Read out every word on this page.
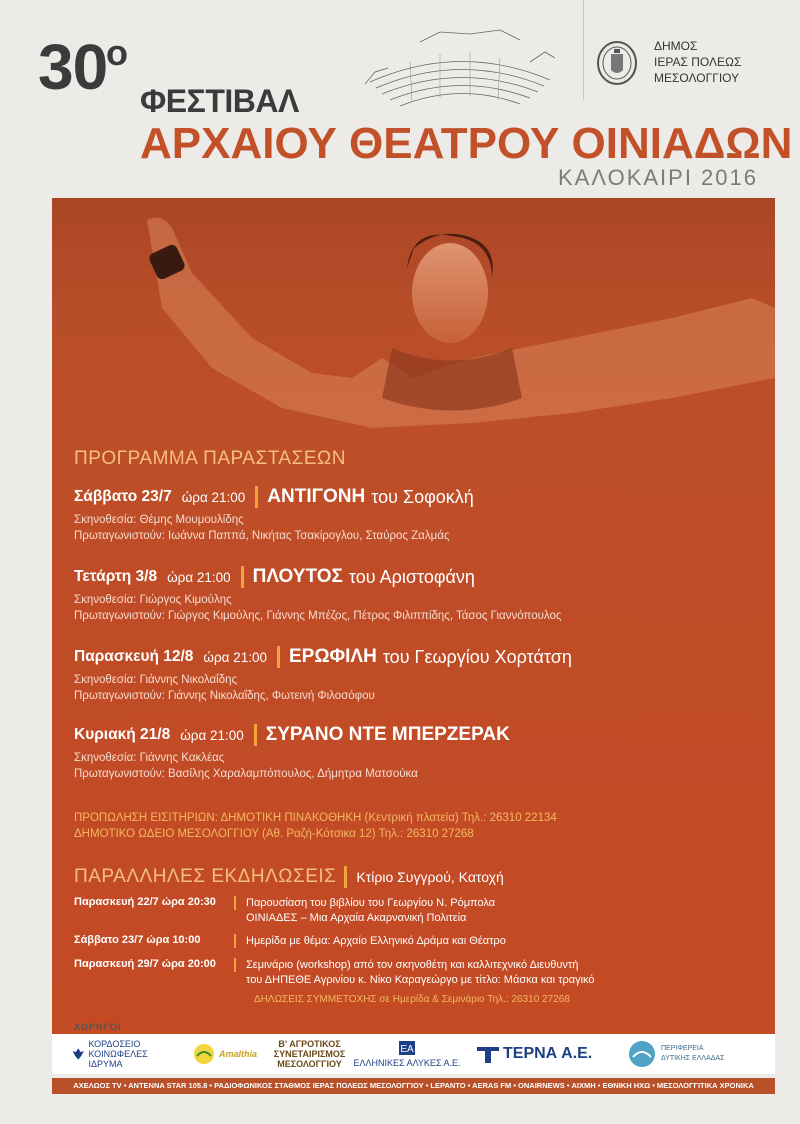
30
ο
ΦΕΣΤΙΒΑΛ
ΑΡΧΑΙΟΥ ΘΕΑΤΡΟΥ ΟΙΝΙΑΔΩΝ
ΚΑΛΟΚΑΙΡΙ 2016
ΔΗΜΟΣ
ΙΕΡΑΣ ΠΟΛΕΩΣ
ΜΕΣΟΛΟΓΓΙΟΥ
ΠΡΟΓΡΑΜΜΑ ΠΑΡΑΣΤΑΣΕΩΝ
Σάββατο 23/7 ώρα 21:00 ΑΝΤΙΓΟΝΗ του Σοφοκλή
Σκηνοθεσία: Θέμης Μουμουλίδης
Πρωταγωνιστούν: Ιωάννα Παππά, Νικήτας Τσακίρογλου, Σταύρος Ζαλμάς
Τετάρτη 3/8 ώρα 21:00 ΠΛΟΥΤΟΣ του Αριστοφάνη
Σκηνοθεσία: Γιώργος Κιμούλης
Πρωταγωνιστούν: Γιώργος Κιμούλης, Γιάννης Μπέζος, Πέτρος Φιλιππίδης, Τάσος Γιαννόπουλος
Παρασκευή 12/8 ώρα 21:00 ΕΡΩΦΙΛΗ του Γεωργίου Χορτάτση
Σκηνοθεσία: Γιάννης Νικολαΐδης
Πρωταγωνιστούν: Γιάννης Νικολαΐδης, Φωτεινή Φιλοσόφου
Κυριακή 21/8 ώρα 21:00 ΣΥΡΑΝΟ ΝΤΕ ΜΠΕΡΖΕΡΑΚ
Σκηνοθεσία: Γιάννης Κακλέας
Πρωταγωνιστούν: Βασίλης Χαραλαμπόπουλος, Δήμητρα Ματσούκα
ΠΡΟΠΩΛΗΣΗ ΕΙΣΙΤΗΡΙΩΝ: ΔΗΜΟΤΙΚΗ ΠΙΝΑΚΟΘΗΚΗ (Κεντρική πλατεία) Τηλ.: 26310 22134
ΔΗΜΟΤΙΚΟ ΩΔΕΙΟ ΜΕΣΟΛΟΓΓΙΟΥ (Αθ. Ραζή-Κότσικα 12) Τηλ.: 26310 27268
ΠΑΡΑΛΛΗΛΕΣ ΕΚΔΗΛΩΣΕΙΣ Κτίριο Συγγρού, Κατοχή
Παρασκευή 22/7 ώρα 20:30	Παρουσίαση του βιβλίου του Γεωργίου Ν. Ρόμπολα
ΟΙΝΙΑΔΕΣ – Μια Αρχαία Ακαρνανική Πολιτεία
Σάββατο 23/7 ώρα 10:00	Ημερίδα με θέμα: Αρχαίο Ελληνικό Δράμα και Θέατρο
Παρασκευή 29/7 ώρα 20:00	Σεμινάριο (workshop) από τον σκηνοθέτη και καλλιτεχνικό Διευθυντή
του ΔΗΠΕΘΕ Αγρινίου κ. Νίκο Καραγεώργο με τίτλο: Μάσκα και τραγικό
ΔΗΛΩΣΕΙΣ ΣΥΜΜΕΤΟΧΗΣ σε Ημερίδα & Σεμινάριο Τηλ.: 26310 27268
ΧΟΡΗΓΟΙ
ΚΟΡΔΟΣΕΙΟ ΚΟΙΝΩΦΕΛΕΣ ΙΔΡΥΜΑ
Amalthia
Β' ΑΓΡΟΤΙΚΟΣ ΣΥΝΕΤΑΙΡΙΣΜΟΣ ΜΕΣΟΛΟΓΓΙΟΥ
EA
ΕΛΛΗΝΙΚΕΣ ΑΛΥΚΕΣ Α.Ε.
ΤΕΡΝΑ Α.Ε.	ΠΕΡΙΦΕΡΕΙΑ ΔΥΤΙΚΗΣ ΕΛΛΑΔΑΣ
ΑΧΕΛΩΟΣ TV • ANTENNA STAR 105.8 • ΡΑΔΙΟΦΩΝΙΚΟΣ ΣΤΑΘΜΟΣ ΙΕΡΑΣ ΠΟΛΕΩΣ ΜΕΣΟΛΟΓΓΙΟΥ • LEPANTO • AERAS FM • ONAIRNEWS • ΑΙΧΜΗ • ΕΘΝΙΚΗ ΗΧΩ • ΜΕΣΟΛΟΓΓΙΤΙΚΑ ΧΡΟΝΙΚΑ
